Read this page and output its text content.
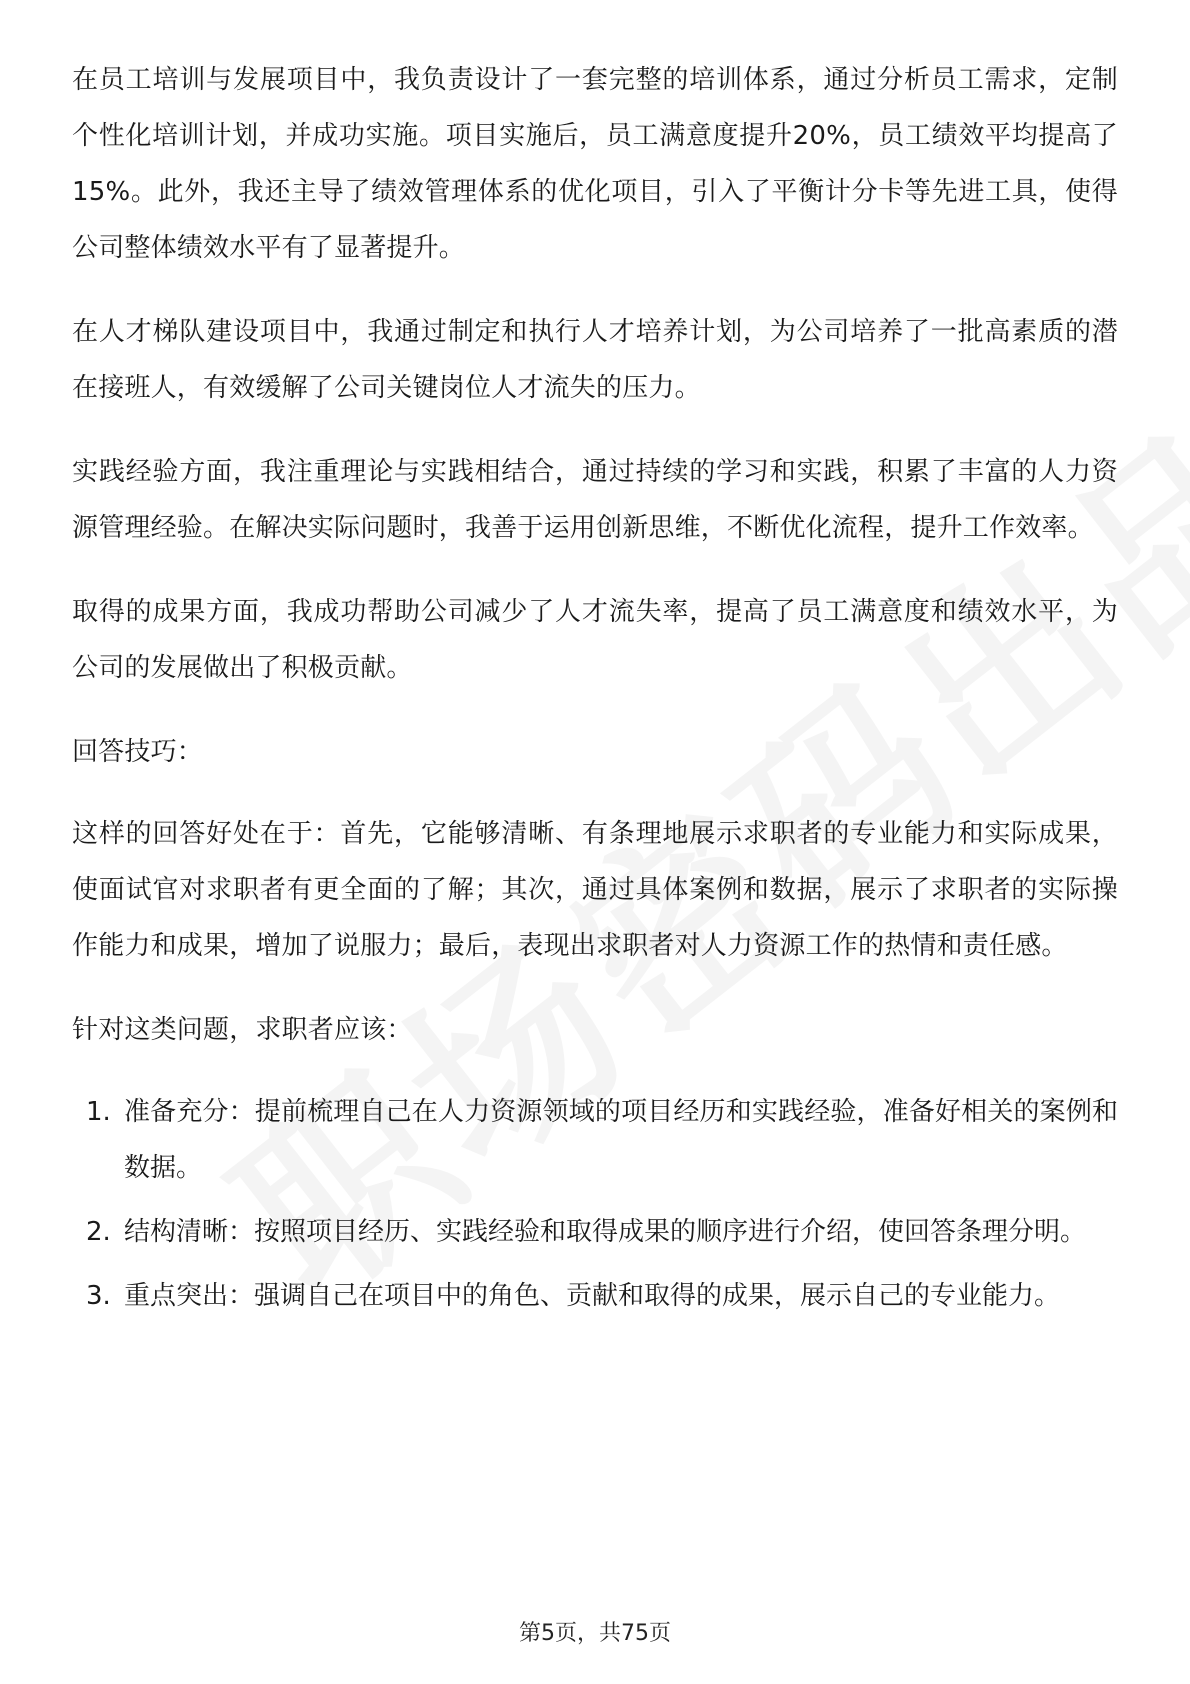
在员工培训与发展项目中，我负责设计了一套完整的培训体系，通过分析员工需求，定制个性化培训计划，并成功实施。项目实施后，员工满意度提升20%，员工绩效平均提高了15%。此外，我还主导了绩效管理体系的优化项目，引入了平衡计分卡等先进工具，使得公司整体绩效水平有了显著提升。

在人才梯队建设项目中，我通过制定和执行人才培养计划，为公司培养了一批高素质的潜在接班人，有效缓解了公司关键岗位人才流失的压力。

实践经验方面，我注重理论与实践相结合，通过持续的学习和实践，积累了丰富的人力资源管理经验。在解决实际问题时，我善于运用创新思维，不断优化流程，提升工作效率。

取得的成果方面，我成功帮助公司减少了人才流失率，提高了员工满意度和绩效水平，为公司的发展做出了积极贡献。

回答技巧：

这样的回答好处在于：首先，它能够清晰、有条理地展示求职者的专业能力和实际成果，使面试官对求职者有更全面的了解；其次，通过具体案例和数据，展示了求职者的实际操作能力和成果，增加了说服力；最后，表现出求职者对人力资源工作的热情和责任感。

针对这类问题，求职者应该：

1. 准备充分：提前梳理自己在人力资源领域的项目经历和实践经验，准备好相关的案例和数据。
2. 结构清晰：按照项目经历、实践经验和取得成果的顺序进行介绍，使回答条理分明。
3. 重点突出：强调自己在项目中的角色、贡献和取得的成果，展示自己的专业能力。
第5页，共75页
